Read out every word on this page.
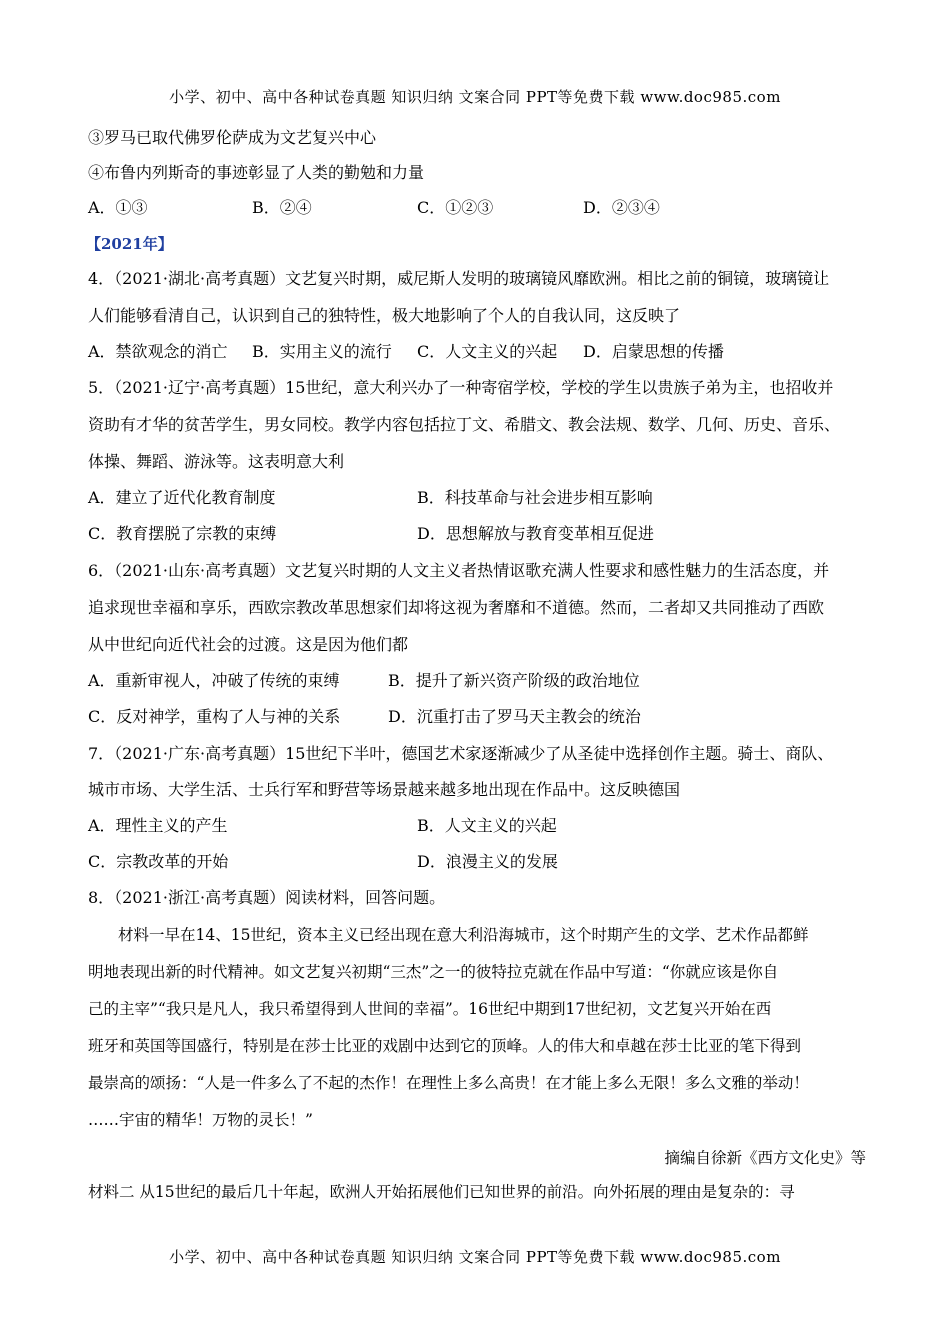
小学、初中、高中各种试卷真题 知识归纳 文案合同 PPT等免费下载 www.doc985.com
③罗马已取代佛罗伦萨成为文艺复兴中心
④布鲁内列斯奇的事迹彰显了人类的勤勉和力量
A．①③	B．②④	C．①②③	D．②③④
【2021年】
4．（2021·湖北·高考真题）文艺复兴时期，威尼斯人发明的玻璃镜风靡欧洲。相比之前的铜镜，玻璃镜让
人们能够看清自己，认识到自己的独特性，极大地影响了个人的自我认同，这反映了
A．禁欲观念的消亡 B．实用主义的流行 C．人文主义的兴起 D．启蒙思想的传播
5．（2021·辽宁·高考真题）15世纪，意大利兴办了一种寄宿学校，学校的学生以贵族子弟为主，也招收并
资助有才华的贫苦学生，男女同校。教学内容包括拉丁文、希腊文、教会法规、数学、几何、历史、音乐、
体操、舞蹈、游泳等。这表明意大利
A．建立了近代化教育制度	B．科技革命与社会进步相互影响
C．教育摆脱了宗教的束缚	D．思想解放与教育变革相互促进
6．（2021·山东·高考真题）文艺复兴时期的人文主义者热情讴歌充满人性要求和感性魅力的生活态度，并
追求现世幸福和享乐，西欧宗教改革思想家们却将这视为奢靡和不道德。然而，二者却又共同推动了西欧
从中世纪向近代社会的过渡。这是因为他们都
A．重新审视人，冲破了传统的束缚	B．提升了新兴资产阶级的政治地位
C．反对神学，重构了人与神的关系	D．沉重打击了罗马天主教会的统治
7．（2021·广东·高考真题）15世纪下半叶，德国艺术家逐渐减少了从圣徒中选择创作主题。骑士、商队、
城市市场、大学生活、士兵行军和野营等场景越来越多地出现在作品中。这反映德国
A．理性主义的产生	B．人文主义的兴起
C．宗教改革的开始	D．浪漫主义的发展
8．（2021·浙江·高考真题）阅读材料，回答问题。
材料一早在14、15世纪，资本主义已经出现在意大利沿海城市，这个时期产生的文学、艺术作品都鲜
明地表现出新的时代精神。如文艺复兴初期“三杰”之一的彼特拉克就在作品中写道：“你就应该是你自
己的主宰”“我只是凡人，我只希望得到人世间的幸福”。16世纪中期到17世纪初，文艺复兴开始在西
班牙和英国等国盛行，特别是在莎士比亚的戏剧中达到它的顶峰。人的伟大和卓越在莎士比亚的笔下得到
最崇高的颂扬：“人是一件多么了不起的杰作！在理性上多么高贵！在才能上多么无限！多么文雅的举动！
……宇宙的精华！万物的灵长！”
摘编自徐新《西方文化史》等
材料二 从15世纪的最后几十年起，欧洲人开始拓展他们已知世界的前沿。向外拓展的理由是复杂的：寻
小学、初中、高中各种试卷真题 知识归纳 文案合同 PPT等免费下载 www.doc985.com
